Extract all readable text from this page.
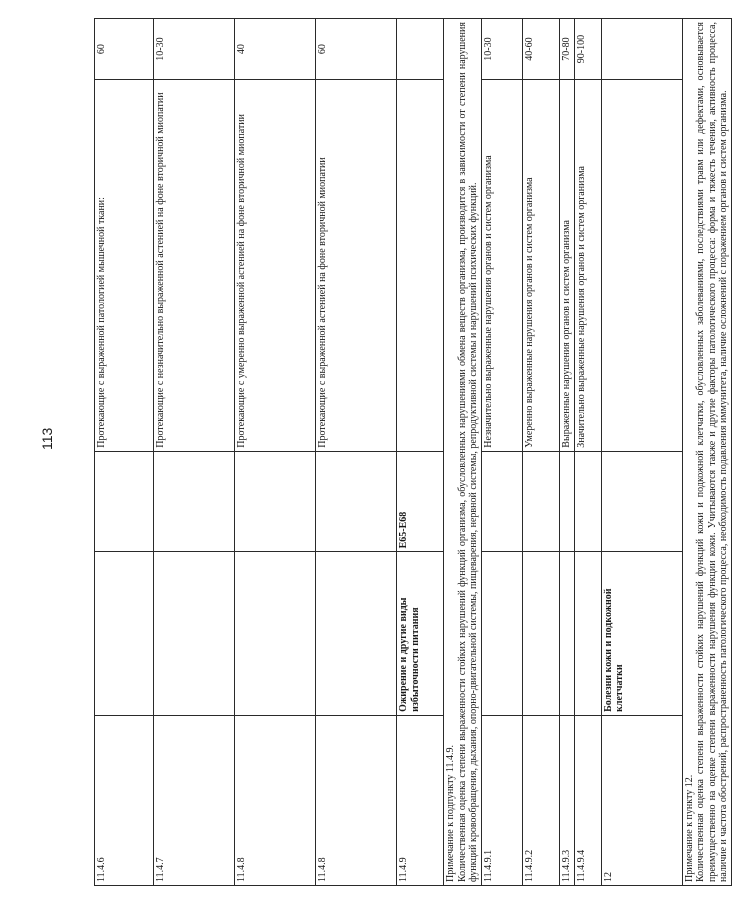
113
11.4.6			Протекающие с выраженной патологией мышечной ткани:	60
11.4.7			Протекающие с незначительно выраженной астенией на фоне вторичной миопатии	10-30
11.4.8			Протекающие с умеренно выраженной астенией на фоне вторичной миопатии	40
11.4.8			Протекающие с выраженной астенией на фоне вторичной миопатии	60
11.4.9	Ожирение и другие виды избыточности питания	E65-E68		

Примечание к подпункту 11.4.9. Количественная оценка степени выраженности стойких нарушений функций организма, обусловленных нарушениями обмена веществ организма, производится в зависимости от степени нарушения функций кровообращения, дыхания, опорно-двигательной системы, пищеварения, нервной системы, репродуктивной системы и нарушений психических функций.				

11.4.9.1			Незначительно выраженные нарушения органов и систем организма	10-30
11.4.9.2			Умеренно выраженные нарушения органов и систем организма	40-60
11.4.9.3			Выраженные нарушения органов и систем организма	70-80
11.4.9.4			Значительно выраженные нарушения органов и систем организма	90-100
12	Болезни кожи и подкожной клетчатки			

Примечание к пункту 12. Количественная оценка степени выраженности стойких нарушений функций кожи и подкожной клетчатки, обусловленных заболеваниями, последствиями травм или дефектами, основывается преимущественно на оценке степени выраженности нарушения функции кожи. Учитываются также и другие факторы патологического процесса: форма и тяжесть течения, активность процесса, наличие и частота обострений, распространенность патологического процесса, необходимость подавления иммунитета, наличие осложнений с поражением органов и систем организма.				
